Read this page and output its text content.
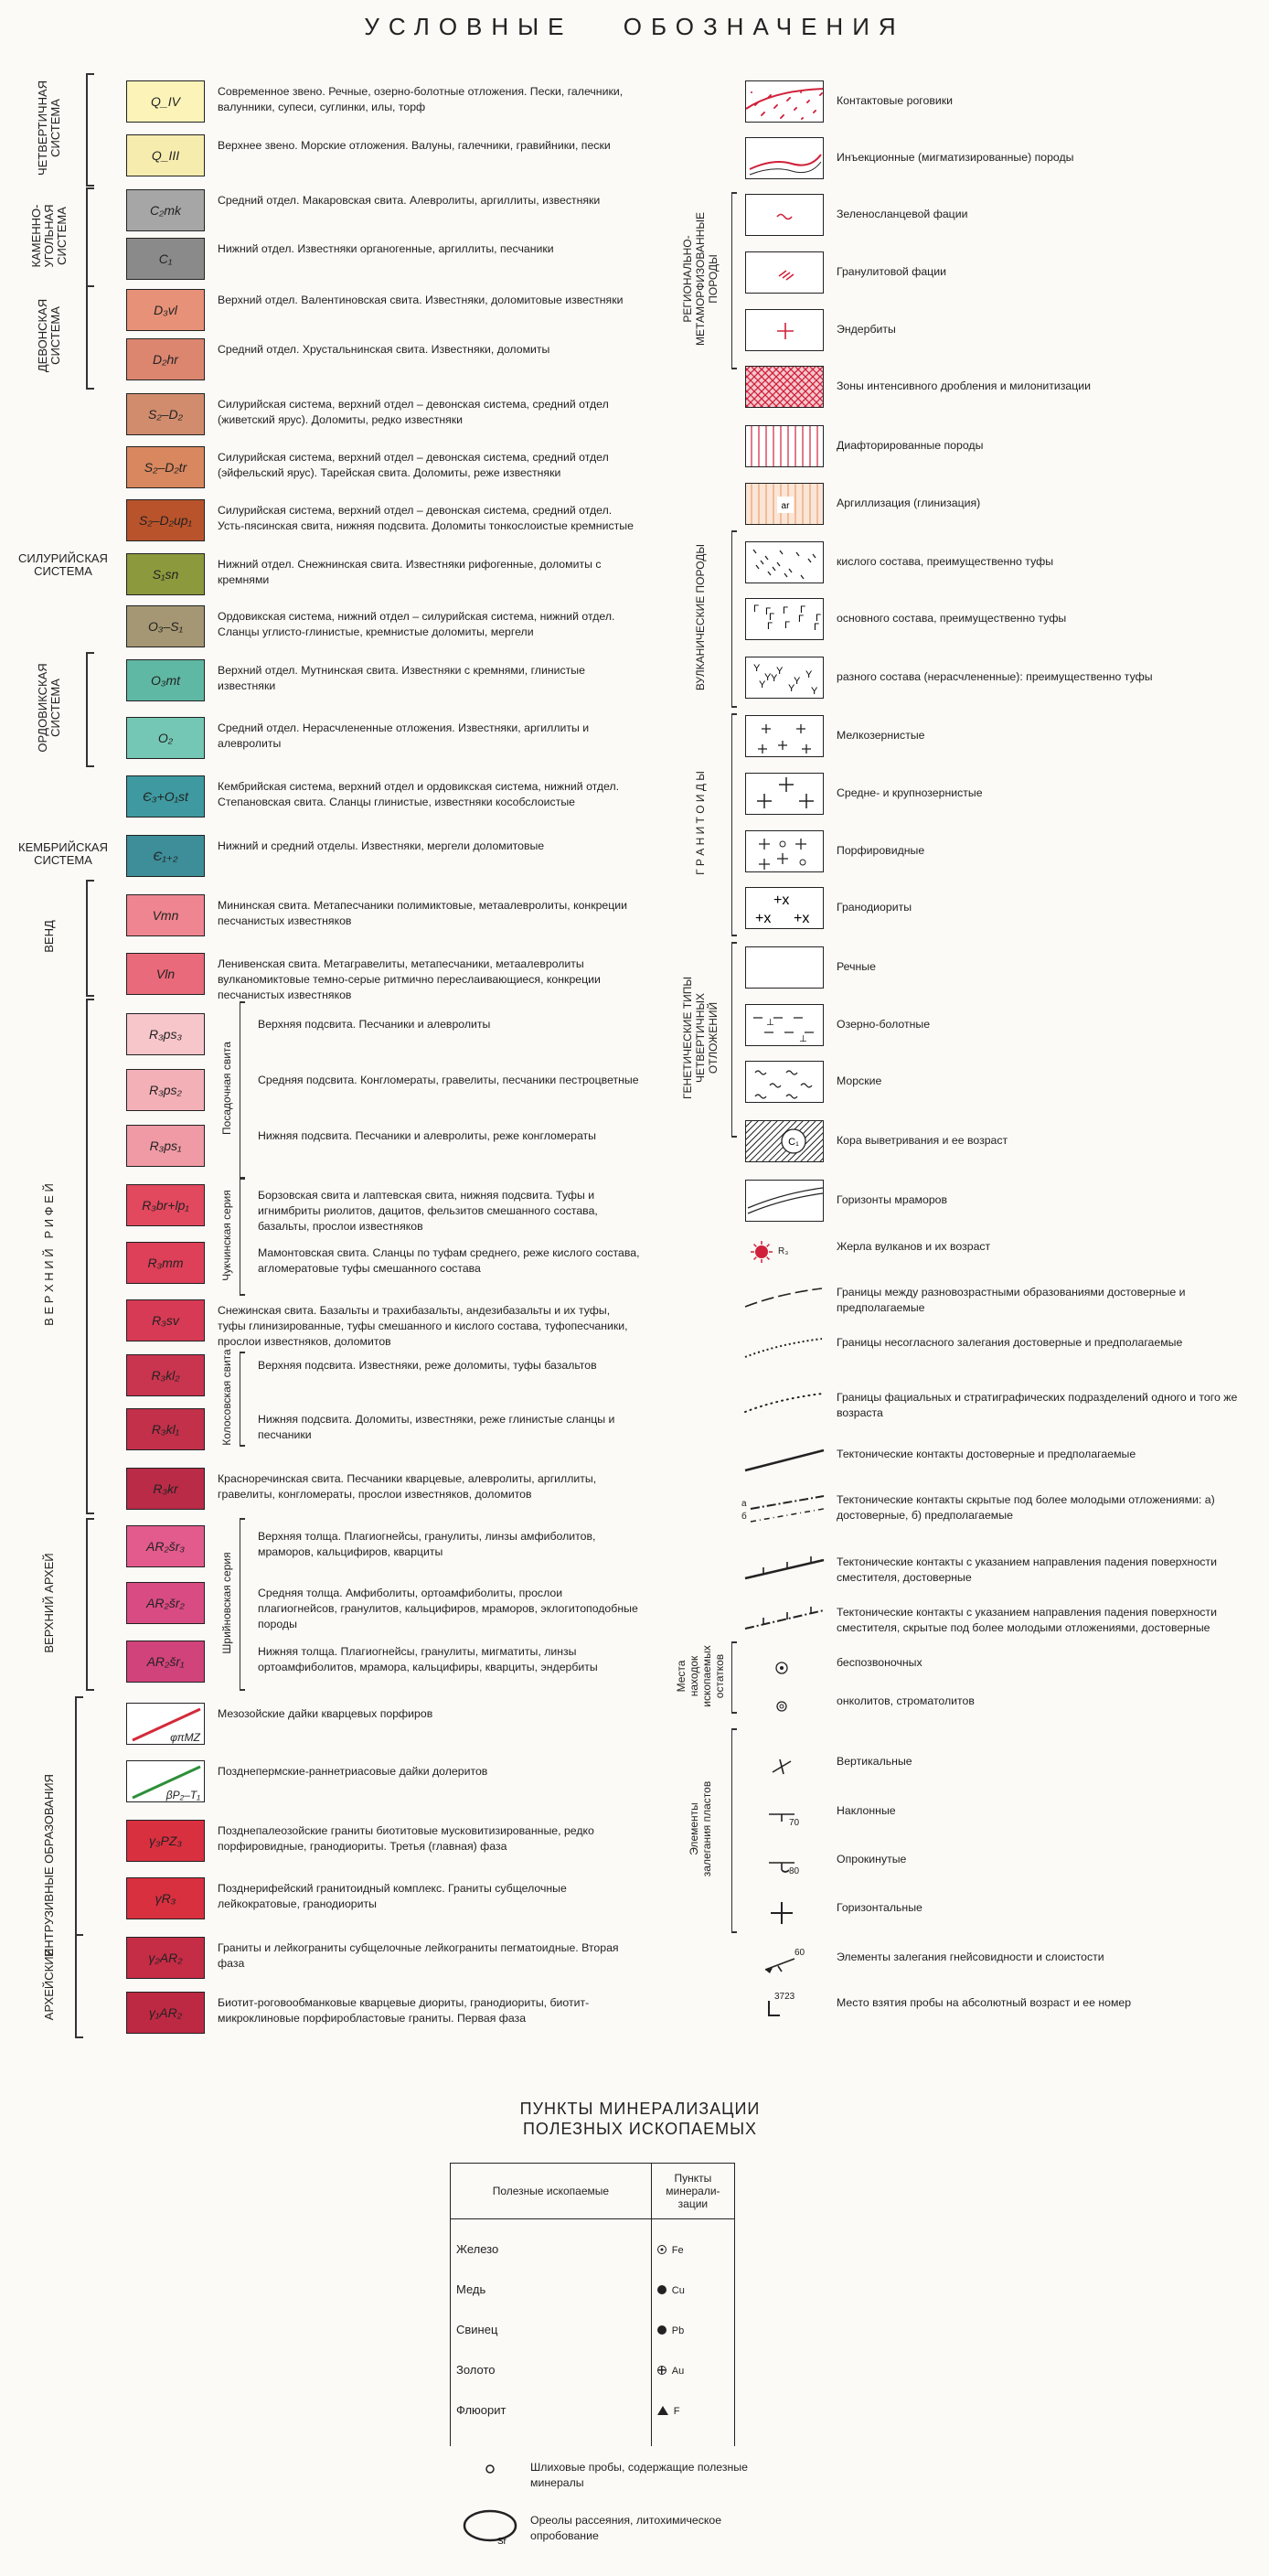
УСЛОВНЫЕ ОБОЗНАЧЕНИЯ
ПУНКТЫ МИНЕРАЛИЗАЦИИ
ПОЛЕЗНЫХ ИСКОПАЕМЫХ
Полезные ископаемые	Пункты
минерали-
зации

Железо	Fe
Медь	Cu
Свинец	Pb
Золото	Au
Флюорит	F

ЧЕТВЕРТИЧНАЯ СИСТЕМА
КАМЕННО- УГОЛЬНАЯ СИСТЕМА
ДЕВОНСКАЯ СИСТЕМА
ОРДОВИКСКАЯ СИСТЕМА
ВЕНД
В Е Р Х Н И Й   Р И Ф Е Й
ВЕРХНИЙ АРХЕЙ
ИНТРУЗИВНЫЕ ОБРАЗОВАНИЯ
АРХЕЙСКИЕ
СИЛУРИЙСКАЯ
СИСТЕМА
КЕМБРИЙСКАЯ
СИСТЕМА
Посадочная свита
Чукчинская серия
Колосовская свита
Шрийновская серия
Q_IV
Современное звено. Речные, озерно-болотные отложения. Пески, галечники, валунники, супеси, суглинки, илы, торф
Q_III
Верхнее звено. Морские отложения. Валуны, галечники, гравийники, пески
C₂mk
Средний отдел. Макаровская свита. Алевролиты, аргиллиты, известняки
C₁
Нижний отдел. Известняки органогенные, аргиллиты, песчаники
D₃vl
Верхний отдел. Валентиновская свита. Известняки, доломитовые известняки
D₂hr
Средний отдел. Хрустальнинская свита. Известняки, доломиты
S₂–D₂
Силурийская система, верхний отдел – девонская система, средний отдел (живетский ярус). Доломиты, редко известняки
S₂–D₂tr
Силурийская система, верхний отдел – девонская система, средний отдел (эйфельский ярус). Тарейская свита. Доломиты, реже известняки
S₂–D₂up₁
Силурийская система, верхний отдел – девонская система, средний отдел. Усть-пясинская свита, нижняя подсвита. Доломиты тонкослоистые кремнистые
S₁sn
Нижний отдел. Снежнинская свита. Известняки рифогенные, доломиты с кремнями
O₃–S₁
Ордовикская система, нижний отдел – силурийская система, нижний отдел. Сланцы углисто-глинистые, кремнистые доломиты, мергели
O₃mt
Верхний отдел. Мутнинская свита. Известняки с кремнями, глинистые известняки
O₂
Средний отдел. Нерасчлененные отложения. Известняки, аргиллиты и алевролиты
Є₃+O₁st
Кембрийская система, верхний отдел и ордовикская система, нижний отдел. Степановская свита. Сланцы глинистые, известняки кособслоистые
Є₁₊₂
Нижний и средний отделы. Известняки, мергели доломитовые
Vmn
Мининская свита. Метапесчаники полимиктовые, метаалевролиты, конкреции песчанистых известняков
Vln
Ленивенская свита. Метагравелиты, метапесчаники, метаалевролиты вулканомиктовые темно-серые ритмично переслаивающиеся, конкреции песчанистых известняков
R₃ps₃
Верхняя подсвита. Песчаники и алевролиты
R₃ps₂
Средняя подсвита. Конгломераты, гравелиты, песчаники пестроцветные
R₃ps₁
Нижняя подсвита. Песчаники и алевролиты, реже конгломераты
R₃br+lp₁
Борзовская свита и лаптевская свита, нижняя подсвита. Туфы и игнимбриты риолитов, дацитов, фельзитов смешанного состава, базальты, прослои известняков
R₃mm
Мамонтовская свита. Сланцы по туфам среднего, реже кислого состава, агломератовые туфы смешанного состава
R₃sv
Снежинская свита. Базальты и трахибазальты, андезибазальты и их туфы, туфы глинизированные, туфы смешанного и кислого состава, туфопесчаники, прослои известняков, доломитов
R₃kl₂
Верхняя подсвита. Известняки, реже доломиты, туфы базальтов
R₃kl₁
Нижняя подсвита. Доломиты, известняки, реже глинистые сланцы и песчаники
R₃kr
Красноречинская свита. Песчаники кварцевые, алевролиты, аргиллиты, гравелиты, конгломераты, прослои известняков, доломитов
AR₂šr₃
Верхняя толща. Плагиогнейсы, гранулиты, линзы амфиболитов, мраморов, кальцифиров, кварциты
AR₂šr₂
Средняя толща. Амфиболиты, ортоамфиболиты, прослои плагиогнейсов, гранулитов, кальцифиров, мраморов, эклогитоподобные породы
AR₂šr₁
Нижняя толща. Плагиогнейсы, гранулиты, мигматиты, линзы ортоамфиболитов, мрамора, кальцифиры, кварциты, эндербиты
φπMZ
Мезозойские дайки кварцевых порфиров
βP₂–T₁
Позднепермские-раннетриасовые дайки долеритов
γ₃PZ₃
Позднепалеозойские граниты биотитовые мусковитизированные, редко порфировидные, гранодиориты. Третья (главная) фаза
γR₃
Позднерифейский гранитоидный комплекс. Граниты субщелочные лейкократовые, гранодиориты
γ₂AR₂
Граниты и лейкограниты субщелочные лейкограниты пегматоидные. Вторая фаза
γ₁AR₂
Биотит-роговообманковые кварцевые диориты, гранодиориты, биотит-микроклиновые порфиробластовые граниты. Первая фаза
РЕГИОНАЛЬНО- МЕТАМОРФИЗОВАННЫЕ ПОРОДЫ
ВУЛКАНИЧЕСКИЕ ПОРОДЫ
Г Р А Н И Т О И Д Ы
ГЕНЕТИЧЕСКИЕ ТИПЫ ЧЕТВЕРТИЧНЫХ ОТЛОЖЕНИЙ
Места находок ископаемых остатков
Элементы залегания пластов
Контактовые роговики
Инъекционные (мигматизированные) породы
Зеленосланцевой фации
Гранулитовой фации
Эндербиты
Зоны интенсивного дробления и милонитизации
Диафторированные породы
ar	Аргиллизация (глинизация)
кислого состава, преимущественно туфы
Г
Г
Г
Г
Г
Г
Г
Г
Г
Г	основного состава, преимущественно туфы
Y
Y
Y
Y
Y
Y
Y
Y
Y	разного состава (нерасчлененные): преимущественно туфы
Мелкозернистые
Средне- и крупнозернистые
Порфировидные
+x
+x +x
Гранодиориты
Речные
⊥
⊥
Озерно-болотные
Морские
C₁	Кора выветривания и ее возраст
Горизонты мраморов
R₃	Жерла вулканов и их возраст
Границы между разновозрастными образованиями достоверные и предполагаемые
Границы несогласного залегания достоверные и предполагаемые
Границы фациальных и стратиграфических подразделений одного и того же возраста
Тектонические контакты достоверные и предполагаемые
а
б
Тектонические контакты скрытые под более молодыми отложениями: а) достоверные, б) предполагаемые
Тектонические контакты с указанием направления падения поверхности сместителя, достоверные
Тектонические контакты с указанием направления падения поверхности сместителя, скрытые под более молодыми отложениями, достоверные
беспозвоночных
онколитов, строматолитов
Вертикальные
70
Наклонные
80
Опрокинутые
Горизонтальные
60	Элементы залегания гнейсовидности и слоистости
3723	Место взятия пробы на абсолютный возраст и ее номер
Шлиховые пробы, содержащие полезные минералы
Sr
Ореолы рассеяния, литохимическое опробование
